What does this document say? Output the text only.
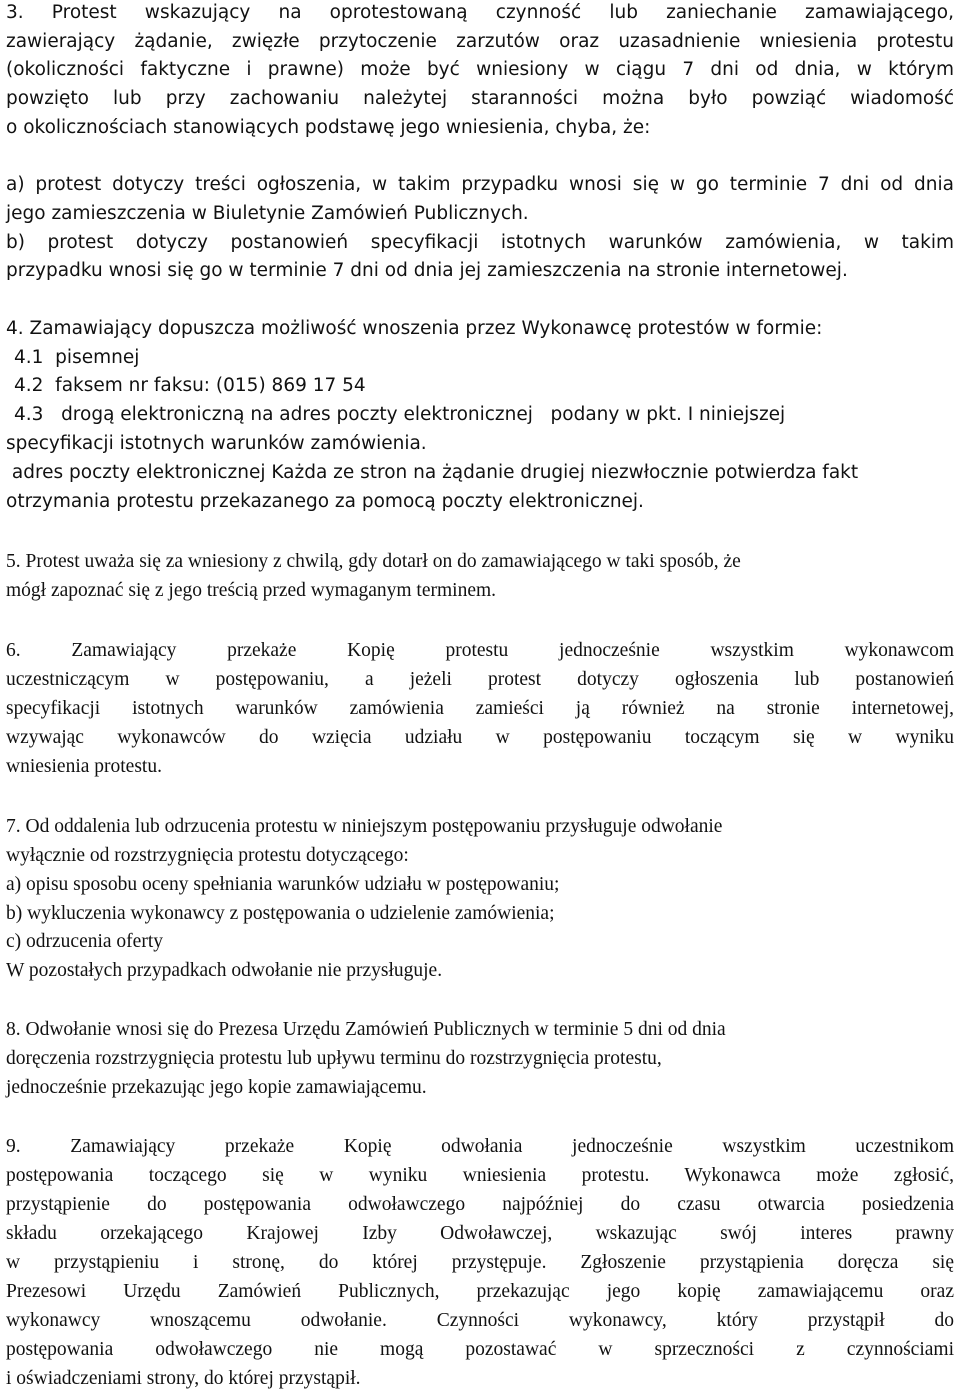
3. Protest wskazujący na oprotestowaną czynność lub zaniechanie zamawiającego,
zawierający żądanie, zwięzłe przytoczenie zarzutów oraz uzasadnienie wniesienia protestu
(okoliczności faktyczne i prawne) może być wniesiony w ciągu 7 dni od dnia, w którym
powzięto lub przy zachowaniu należytej staranności można było powziąć wiadomość
o okolicznościach stanowiących podstawę jego wniesienia, chyba, że:
a) protest dotyczy treści ogłoszenia, w takim przypadku wnosi się w go terminie 7 dni od dnia
jego zamieszczenia w Biuletynie Zamówień Publicznych.
b) protest dotyczy postanowień specyfikacji istotnych warunków zamówienia, w takim
przypadku wnosi się go w terminie 7 dni od dnia jej zamieszczenia na stronie internetowej.
4. Zamawiający dopuszcza możliwość wnoszenia przez Wykonawcę protestów w formie:
4.1  pisemnej
4.2  faksem nr faksu: (015) 869 17 54
4.3   drogą elektroniczną na adres poczty elektronicznej   podany w pkt. I niniejszej
specyfikacji istotnych warunków zamówienia.
adres poczty elektronicznej Każda ze stron na żądanie drugiej niezwłocznie potwierdza fakt
otrzymania protestu przekazanego za pomocą poczty elektronicznej.
5. Protest uważa się za wniesiony z chwilą, gdy dotarł on do zamawiającego w taki sposób, że
mógł zapoznać się z jego treścią przed wymaganym terminem.
6. Zamawiający przekaże Kopię protestu jednocześnie wszystkim wykonawcom
uczestniczącym w postępowaniu, a jeżeli protest dotyczy ogłoszenia lub postanowień
specyfikacji istotnych warunków zamówienia zamieści ją również na stronie internetowej,
wzywając wykonawców do wzięcia udziału w postępowaniu toczącym się w wyniku
wniesienia protestu.
7. Od oddalenia lub odrzucenia protestu w niniejszym postępowaniu przysługuje odwołanie
wyłącznie od rozstrzygnięcia protestu dotyczącego:
a) opisu sposobu oceny spełniania warunków udziału w postępowaniu;
b) wykluczenia wykonawcy z postępowania o udzielenie zamówienia;
c) odrzucenia oferty
W pozostałych przypadkach odwołanie nie przysługuje.
8. Odwołanie wnosi się do Prezesa Urzędu Zamówień Publicznych w terminie 5 dni od dnia
doręczenia rozstrzygnięcia protestu lub upływu terminu do rozstrzygnięcia protestu,
jednocześnie przekazując jego kopie zamawiającemu.
9. Zamawiający przekaże Kopię odwołania jednocześnie wszystkim uczestnikom
postępowania toczącego się w wyniku wniesienia protestu. Wykonawca może zgłosić,
przystąpienie do postępowania odwoławczego najpóźniej do czasu otwarcia posiedzenia
składu orzekającego Krajowej Izby Odwoławczej, wskazując swój interes prawny
w przystąpieniu i stronę, do której przystępuje. Zgłoszenie przystąpienia doręcza się
Prezesowi Urzędu Zamówień Publicznych, przekazując jego kopię zamawiającemu oraz
wykonawcy wnoszącemu odwołanie. Czynności wykonawcy, który przystąpił do
postępowania odwoławczego nie mogą pozostawać w sprzeczności z czynnościami
i oświadczeniami strony, do której przystąpił.
